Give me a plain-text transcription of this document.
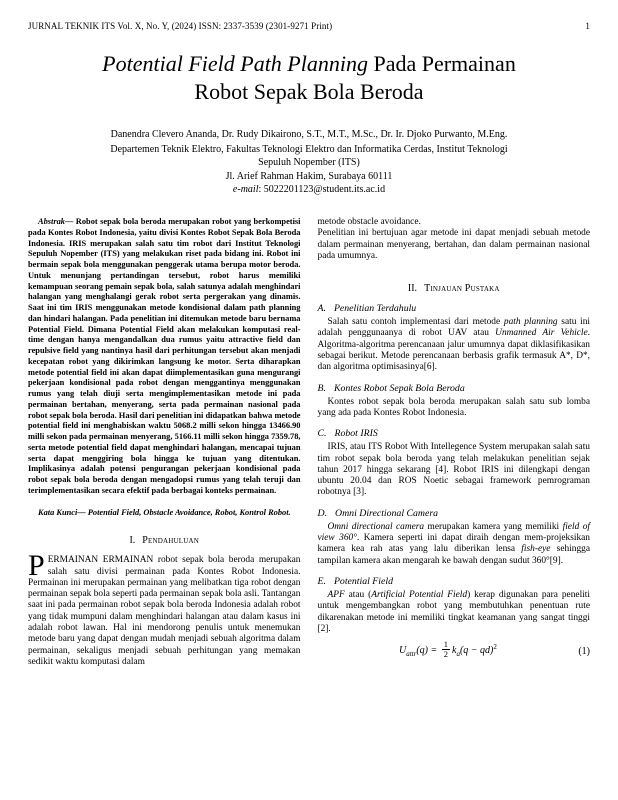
JURNAL TEKNIK ITS Vol. X, No. Y, (2024) ISSN: 2337-3539 (2301-9271 Print)	1
Potential Field Path Planning Pada Permainan
Robot Sepak Bola Beroda

Danendra Clevero Ananda, Dr. Rudy Dikairono, S.T., M.T., M.Sc., Dr. Ir. Djoko Purwanto, M.Eng.

Departemen Teknik Elektro, Fakultas Teknologi Elektro dan Informatika Cerdas, Institut Teknologi

Sepuluh Nopember (ITS)

Jl. Arief Rahman Hakim, Surabaya 60111

e-mail: 5022201123@student.its.ac.id

Abstrak— Robot sepak bola beroda merupakan robot yang berkompetisi pada Kontes Robot Indonesia, yaitu divisi Kontes Robot Sepak Bola Beroda Indonesia. IRIS merupakan salah satu tim robot dari Institut Teknologi Sepuluh Nopember (ITS) yang melakukan riset pada bidang ini. Robot ini bermain sepak bola menggunakan penggerak utama berupa motor beroda. Untuk menunjang pertandingan tersebut, robot harus memiliki kemampuan seorang pemain sepak bola, salah satunya adalah menghindari halangan yang menghalangi gerak robot serta pergerakan yang dinamis. Saat ini tim IRIS menggunakan metode kondisional dalam path planning dan hindari halangan. Pada penelitian ini ditemukan metode baru bernama Potential Field. Dimana Potential Field akan melakukan komputasi real-time dengan hanya mengandalkan dua rumus yaitu attractive field dan repulsive field yang nantinya hasil dari perhitungan tersebut akan menjadi kecepatan robot yang dikirimkan langsung ke motor. Serta diharapkan metode potential field ini akan dapat diimplementasikan guna mengurangi pekerjaan kondisional pada robot dengan menggantinya menggunakan rumus yang telah diuji serta mengimplementasikan metode ini pada permainan bertahan, menyerang, serta pada permainan nasional pada robot sepak bola beroda. Hasil dari penelitian ini didapatkan bahwa metode potential field ini menghabiskan waktu 5068.2 milli sekon hingga 13466.90 milli sekon pada permainan menyerang, 5166.11 milli sekon hingga 7359.78, serta metode potential field dapat menghindari halangan, mencapai tujuan serta dapat menggiring bola hingga ke tujuan yang ditentukan. Implikasinya adalah potensi pengurangan pekerjaan kondisional pada robot sepak bola beroda dengan mengadopsi rumus yang telah teruji dan terimplementasikan secara efektif pada berbagai konteks permainan.

Kata Kunci— Potential Field, Obstacle Avoidance, Robot, Kontrol Robot.

I. Pendahuluan

PERMAINAN ERMAINAN robot sepak bola beroda merupakan salah satu divisi permainan pada Kontes Robot Indonesia. Permainan ini merupakan permainan yang melibatkan tiga robot dengan permainan sepak bola seperti pada permainan sepak bola asli. Tantangan saat ini pada permainan robot sepak bola beroda Indonesia adalah robot yang tidak mumpuni dalam menghindari halangan atau dalam kasus ini adalah robot lawan. Hal ini mendorong penulis untuk menemukan metode baru yang dapat dengan mudah menjadi sebuah algoritma dalam permainan, sekaligus menjadi sebuah perhitungan yang memakan sedikit waktu komputasi dalam

metode obstacle avoidance.

Penelitian ini bertujuan agar metode ini dapat menjadi sebuah metode dalam permainan menyerang, bertahan, dan dalam permainan nasional pada umumnya.

II. Tinjauan Pustaka
A. Penelitian Terdahulu

Salah satu contoh implementasi dari metode path planning satu ini adalah penggunaanya di robot UAV atau Unmanned Air Vehicle. Algoritma-algoritma perencanaan jalur umumnya dapat diklasifikasikan sebagai berikut. Metode perencanaan berbasis grafik termasuk A*, D*, dan algoritma optimisasinya[6].

B. Kontes Robot Sepak Bola Beroda

Kontes robot sepak bola beroda merupakan salah satu sub lomba yang ada pada Kontes Robot Indonesia.

C. Robot IRIS

IRIS, atau ITS Robot With Intellegence System merupakan salah satu tim robot sepak bola beroda yang telah melakukan penelitian sejak tahun 2017 hingga sekarang [4]. Robot IRIS ini dilengkapi dengan ubuntu 20.04 dan ROS Noetic sebagai framework pemrograman robotnya [3].

D. Omni Directional Camera

Omni directional camera merupakan kamera yang memiliki field of view 360°. Kamera seperti ini dapat diraih dengan mem-projeksikan kamera kea rah atas yang lalu diberikan lensa fish-eye sehingga tampilan kamera akan mengarah ke bawah dengan sudut 360°[9].

E. Potential Field

APF atau (Artificial Potential Field) kerap digunakan para peneliti untuk mengembangkan robot yang membutuhkan penentuan rute dikarenakan metode ini memiliki tingkat keamanan yang sangat tinggi [2].

$U_{attr}(q) = \frac{1}{2} k_a(q - qd)^2$	(1)
